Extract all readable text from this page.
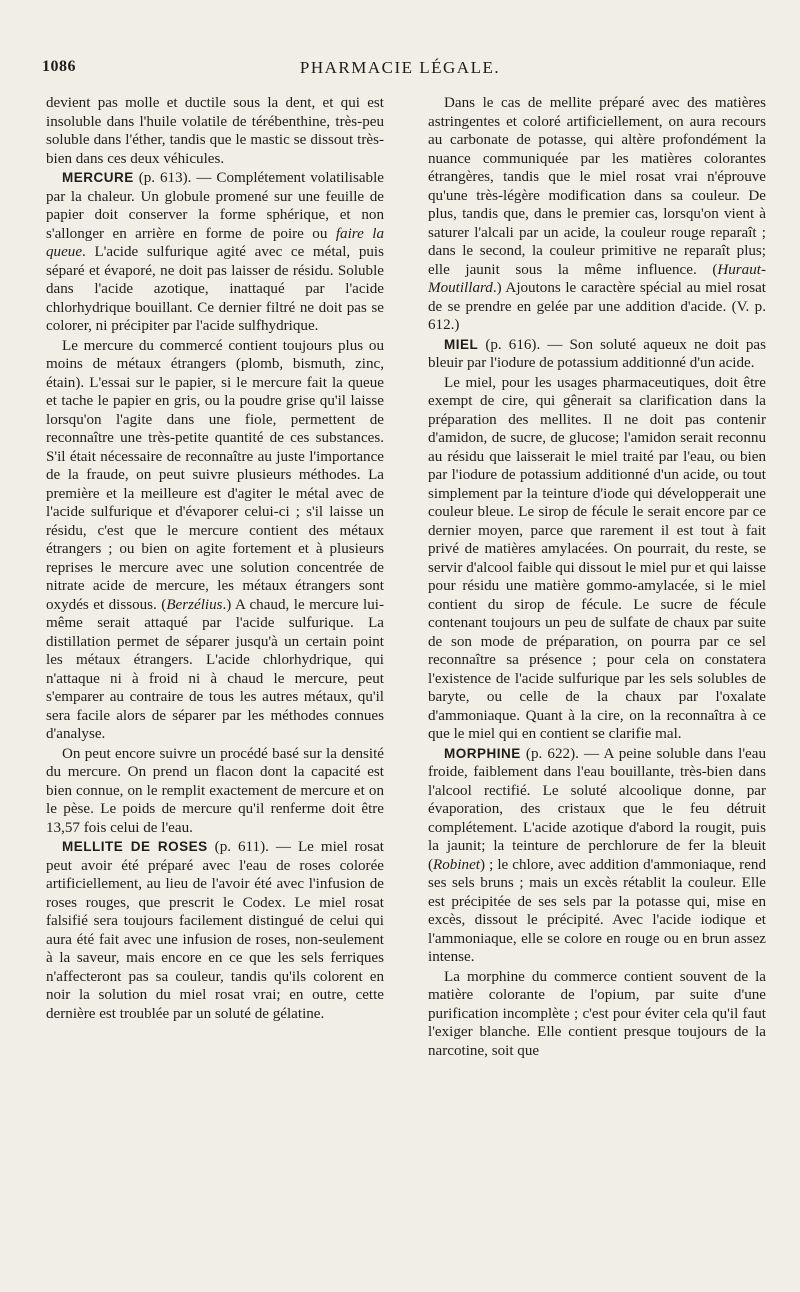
1086	PHARMACIE LÉGALE.

devient pas molle et ductile sous la dent, et qui est insoluble dans l'huile volatile de térébenthine, très-peu soluble dans l'éther, tandis que le mastic se dissout très-bien dans ces deux véhicules.

MERCURE (p. 613). — Complétement volatilisable par la chaleur. Un globule promené sur une feuille de papier doit conserver la forme sphérique, et non s'allonger en arrière en forme de poire ou faire la queue. L'acide sulfurique agité avec ce métal, puis séparé et évaporé, ne doit pas laisser de résidu. Soluble dans l'acide azotique, inattaqué par l'acide chlorhydrique bouillant. Ce dernier filtré ne doit pas se colorer, ni précipiter par l'acide sulfhydrique.

Le mercure du commercé contient toujours plus ou moins de métaux étrangers (plomb, bismuth, zinc, étain). L'essai sur le papier, si le mercure fait la queue et tache le papier en gris, ou la poudre grise qu'il laisse lorsqu'on l'agite dans une fiole, permettent de reconnaître une très-petite quantité de ces substances. S'il était nécessaire de reconnaître au juste l'importance de la fraude, on peut suivre plusieurs méthodes. La première et la meilleure est d'agiter le métal avec de l'acide sulfurique et d'évaporer celui-ci ; s'il laisse un résidu, c'est que le mercure contient des métaux étrangers ; ou bien on agite fortement et à plusieurs reprises le mercure avec une solution concentrée de nitrate acide de mercure, les métaux étrangers sont oxydés et dissous. (Berzélius.) A chaud, le mercure lui-même serait attaqué par l'acide sulfurique. La distillation permet de séparer jusqu'à un certain point les métaux étrangers. L'acide chlorhydrique, qui n'attaque ni à froid ni à chaud le mercure, peut s'emparer au contraire de tous les autres métaux, qu'il sera facile alors de séparer par les méthodes connues d'analyse.

On peut encore suivre un procédé basé sur la densité du mercure. On prend un flacon dont la capacité est bien connue, on le remplit exactement de mercure et on le pèse. Le poids de mercure qu'il renferme doit être 13,57 fois celui de l'eau.

MELLITE DE ROSES (p. 611). — Le miel rosat peut avoir été préparé avec l'eau de roses colorée artificiellement, au lieu de l'avoir été avec l'infusion de roses rouges, que prescrit le Codex. Le miel rosat falsifié sera toujours facilement distingué de celui qui aura été fait avec une infusion de roses, non-seulement à la saveur, mais encore en ce que les sels ferriques n'affecteront pas sa couleur, tandis qu'ils colorent en noir la solution du miel rosat vrai; en outre, cette dernière est troublée par un soluté de gélatine.

Dans le cas de mellite préparé avec des matières astringentes et coloré artificiellement, on aura recours au carbonate de potasse, qui altère profondément la nuance communiquée par les matières colorantes étrangères, tandis que le miel rosat vrai n'éprouve qu'une très-légère modification dans sa couleur. De plus, tandis que, dans le premier cas, lorsqu'on vient à saturer l'alcali par un acide, la couleur rouge reparaît ; dans le second, la couleur primitive ne reparaît plus; elle jaunit sous la même influence. (Huraut-Moutillard.) Ajoutons le caractère spécial au miel rosat de se prendre en gelée par une addition d'acide. (V. p. 612.)

MIEL (p. 616). — Son soluté aqueux ne doit pas bleuir par l'iodure de potassium additionné d'un acide.

Le miel, pour les usages pharmaceutiques, doit être exempt de cire, qui gênerait sa clarification dans la préparation des mellites. Il ne doit pas contenir d'amidon, de sucre, de glucose; l'amidon serait reconnu au résidu que laisserait le miel traité par l'eau, ou bien par l'iodure de potassium additionné d'un acide, ou tout simplement par la teinture d'iode qui développerait une couleur bleue. Le sirop de fécule le serait encore par ce dernier moyen, parce que rarement il est tout à fait privé de matières amylacées. On pourrait, du reste, se servir d'alcool faible qui dissout le miel pur et qui laisse pour résidu une matière gommo-amylacée, si le miel contient du sirop de fécule. Le sucre de fécule contenant toujours un peu de sulfate de chaux par suite de son mode de préparation, on pourra par ce sel reconnaître sa présence ; pour cela on constatera l'existence de l'acide sulfurique par les sels solubles de baryte, ou celle de la chaux par l'oxalate d'ammoniaque. Quant à la cire, on la reconnaîtra à ce que le miel qui en contient se clarifie mal.

MORPHINE (p. 622). — A peine soluble dans l'eau froide, faiblement dans l'eau bouillante, très-bien dans l'alcool rectifié. Le soluté alcoolique donne, par évaporation, des cristaux que le feu détruit complétement. L'acide azotique d'abord la rougit, puis la jaunit; la teinture de perchlorure de fer la bleuit (Robinet) ; le chlore, avec addition d'ammoniaque, rend ses sels bruns ; mais un excès rétablit la couleur. Elle est précipitée de ses sels par la potasse qui, mise en excès, dissout le précipité. Avec l'acide iodique et l'ammoniaque, elle se colore en rouge ou en brun assez intense.

La morphine du commerce contient souvent de la matière colorante de l'opium, par suite d'une purification incomplète ; c'est pour éviter cela qu'il faut l'exiger blanche. Elle contient presque toujours de la narcotine, soit que
